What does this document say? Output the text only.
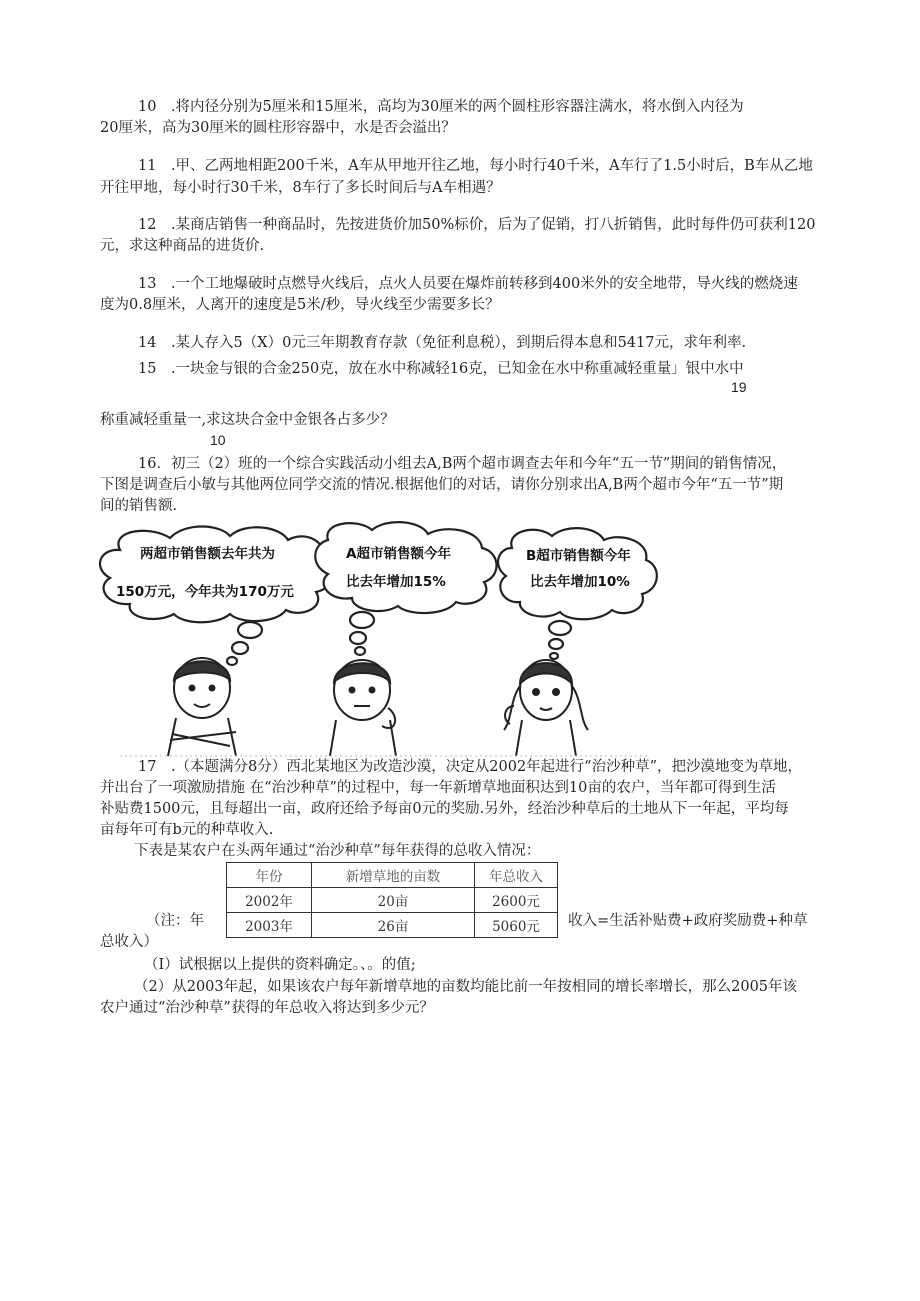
10　.将内径分别为5厘米和15厘米，高均为30厘米的两个圆柱形容器注满水，将水倒入内径为
20厘米，高为30厘米的圆柱形容器中，水是否会溢出？
11　.甲、乙两地相距200千米，A车从甲地开往乙地，每小时行40千米，A车行了1.5小时后，B车从乙地
开往甲地，每小时行30千米，8车行了多长时间后与A车相遇？
12　.某商店销售一种商品时，先按进货价加50%标价，后为了促销，打八折销售，此时每件仍可获利120
元，求这种商品的进货价.
13　.一个工地爆破时点燃导火线后，点火人员要在爆炸前转移到400米外的安全地带，导火线的燃烧速
度为0.8厘米，人离开的速度是5米/秒，导火线至少需要多长？
14　.某人存入5（X）0元三年期教育存款（免征利息税），到期后得本息和5417元，求年利率.
15　.一块金与银的合金250克，放在水中称减轻16克，已知金在水中称重减轻重量」银中水中
19
称重减轻重量一,求这块合金中金银各占多少？
10
16．初三（2）班的一个综合实践活动小组去A,B两个超市调查去年和今年“五一节”期间的销售情况，
下图是调查后小敏与其他两位同学交流的情况.根据他们的对话，请你分别求出A,B两个超市今年“五一节”期
间的销售额.
两超市销售额去年共为
150万元，今年共为170万元
A超市销售额今年
比去年增加15%
B超市销售额今年
比去年增加10%
17　.（本题满分8分）西北某地区为改造沙漠，决定从2002年起进行“治沙种草”，把沙漠地变为草地，
并出台了一项激励措施 在“治沙种草”的过程中，每一年新增草地面积达到10亩的农户，当年都可得到生活
补贴费1500元，且每超出一亩，政府还给予每亩0元的奖励.另外，经治沙种草后的土地从下一年起，平均每
亩每年可有b元的种草收入.
下表是某农户在头两年通过“治沙种草”每年获得的总收入情况：
年份	新增草地的亩数	年总收入
2002年	20亩	2600元
2003年	26亩	5060元
（注：年	收入=生活补贴费+政府奖励费+种草
总收入）
（I）试根据以上提供的资料确定。、。的值;
（2）从2003年起，如果该农户每年新增草地的亩数均能比前一年按相同的增长率增长，那么2005年该
农户通过“治沙种草”获得的年总收入将达到多少元？
